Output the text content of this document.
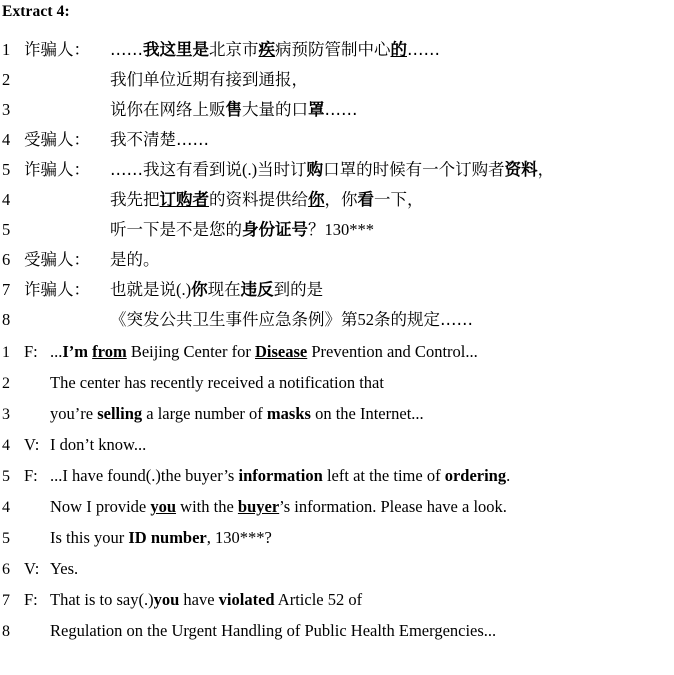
Extract 4:
1 诈骗人： ……我这里是北京市疾病预防管制中心的……
2	我们单位近期有接到通报，
3	说你在网络上贩售大量的口罩……
4 受骗人： 我不清楚……
5 诈骗人： ……我这有看到说(.)当时订购口罩的时候有一个订购者资料，
4	我先把订购者的资料提供给你，你看一下，
5	听一下是不是您的身份证号？130***
6 受骗人： 是的。
7 诈骗人： 也就是说(.)你现在违反到的是
8	《突发公共卫生事件应急条例》第52条的规定……
1 F: ...I’m from Beijing Center for Disease Prevention and Control...
2	The center has recently received a notification that
3	you’re selling a large number of masks on the Internet...
4 V: I don’t know...
5 F: ...I have found(.)the buyer’s information left at the time of ordering.
4	Now I provide you with the buyer’s information. Please have a look.
5	Is this your ID number, 130***?
6 V: Yes.
7 F: That is to say(.)you have violated Article 52 of
8	Regulation on the Urgent Handling of Public Health Emergencies...
